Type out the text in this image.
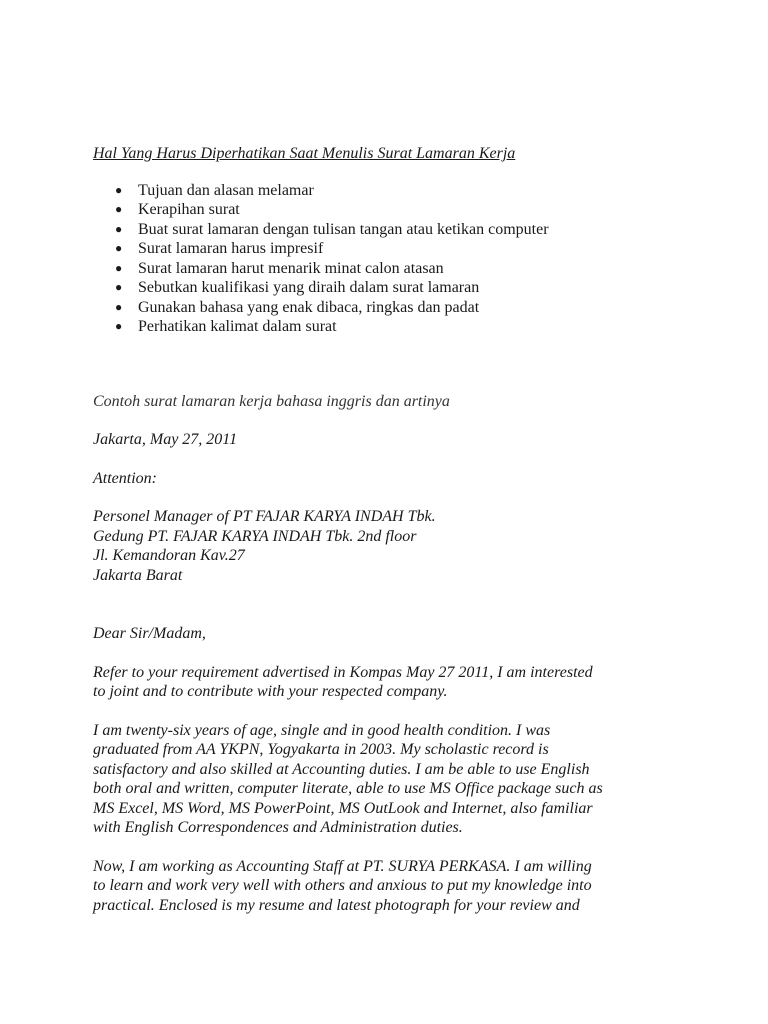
Hal Yang Harus Diperhatikan Saat Menulis Surat Lamaran Kerja

● Tujuan dan alasan melamar
● Kerapihan surat
● Buat surat lamaran dengan tulisan tangan atau ketikan computer
● Surat lamaran harus impresif
● Surat lamaran harut menarik minat calon atasan
● Sebutkan kualifikasi yang diraih dalam surat lamaran
● Gunakan bahasa yang enak dibaca, ringkas dan padat
● Perhatikan kalimat dalam surat

Contoh surat lamaran kerja bahasa inggris dan artinya

Jakarta, May 27, 2011

Attention:

Personel Manager of PT FAJAR KARYA INDAH Tbk.

Gedung PT. FAJAR KARYA INDAH Tbk. 2nd floor

Jl. Kemandoran Kav.27

Jakarta Barat

Dear Sir/Madam,

Refer to your requirement advertised in Kompas May 27 2011, I am interested

to joint and to contribute with your respected company.

I am twenty-six years of age, single and in good health condition. I was

graduated from AA YKPN, Yogyakarta in 2003. My scholastic record is

satisfactory and also skilled at Accounting duties. I am be able to use English

both oral and written, computer literate, able to use MS Office package such as

MS Excel, MS Word, MS PowerPoint, MS OutLook and Internet, also familiar

with English Correspondences and Administration duties.

Now, I am working as Accounting Staff at PT. SURYA PERKASA. I am willing

to learn and work very well with others and anxious to put my knowledge into

practical. Enclosed is my resume and latest photograph for your review and
